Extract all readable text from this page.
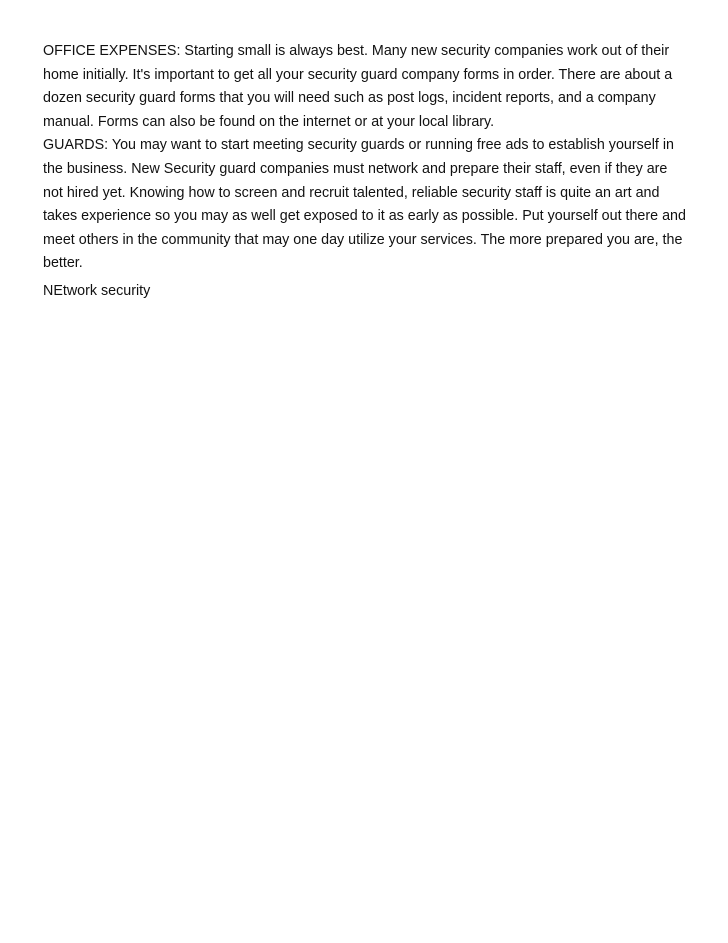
OFFICE EXPENSES: Starting small is always best. Many new security companies work out of their
home initially. It's important to get all your security guard company forms in order. There are about a
dozen security guard forms that you will need such as post logs, incident reports, and a company
manual. Forms can also be found on the internet or at your local library.
GUARDS: You may want to start meeting security guards or running free ads to establish yourself in
the business. New Security guard companies must network and prepare their staff, even if they are
not hired yet. Knowing how to screen and recruit talented, reliable security staff is quite an art and
takes experience so you may as well get exposed to it as early as possible. Put yourself out there and
meet others in the community that may one day utilize your services. The more prepared you are, the
better.
NEtwork security
